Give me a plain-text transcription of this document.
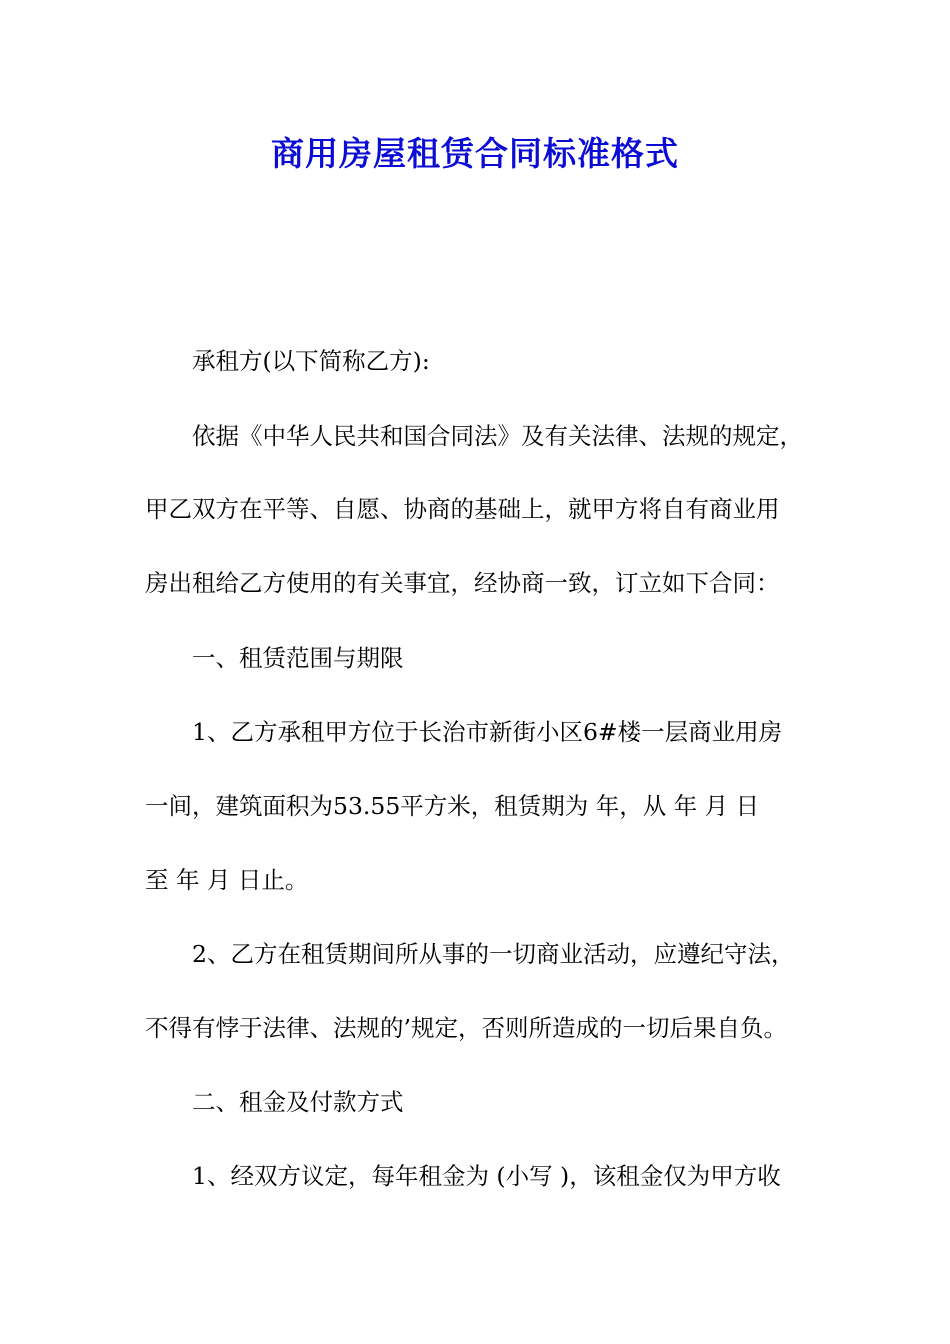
商用房屋租赁合同标准格式
承租方(以下简称乙方):
依据《中华人民共和国合同法》及有关法律、法规的规定，
甲乙双方在平等、自愿、协商的基础上，就甲方将自有商业用
房出租给乙方使用的有关事宜，经协商一致，订立如下合同：
一、租赁范围与期限
1、乙方承租甲方位于长治市新街小区6#楼一层商业用房
一间，建筑面积为53.55平方米，租赁期为 年，从 年 月 日
至 年 月 日止。
2、乙方在租赁期间所从事的一切商业活动，应遵纪守法，
不得有悖于法律、法规的’规定，否则所造成的一切后果自负。
二、租金及付款方式
1、经双方议定，每年租金为 (小写 )，该租金仅为甲方收
